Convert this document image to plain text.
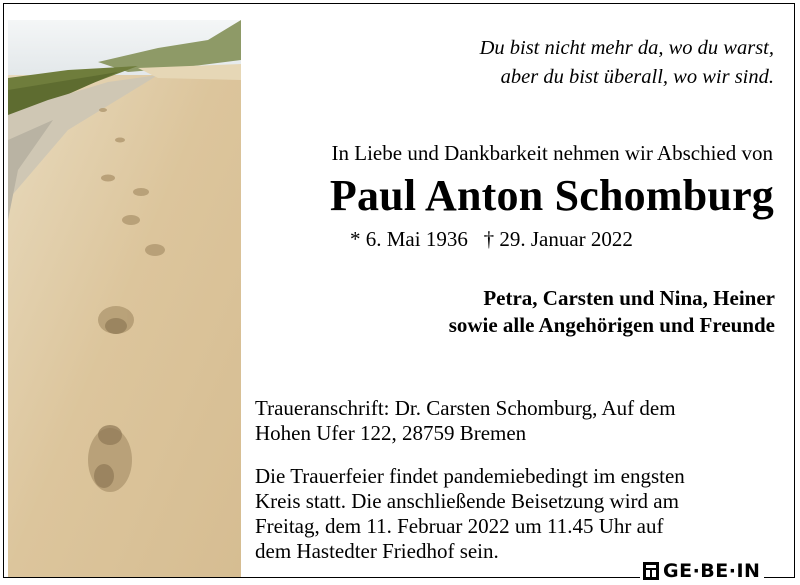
Du bist nicht mehr da, wo du warst,
aber du bist überall, wo wir sind.
In Liebe und Dankbarkeit nehmen wir Abschied von
Paul Anton Schomburg
* 6. Mai 1936 † 29. Januar 2022
Petra, Carsten und Nina, Heiner
sowie alle Angehörigen und Freunde
Traueranschrift: Dr. Carsten Schomburg, Auf dem
Hohen Ufer 122, 28759 Bremen
Die Trauerfeier findet pandemiebedingt im engsten
Kreis statt. Die anschließende Beisetzung wird am
Freitag, dem 11. Februar 2022 um 11.45 Uhr auf
dem Hastedter Friedhof sein.
GE·BE·IN
